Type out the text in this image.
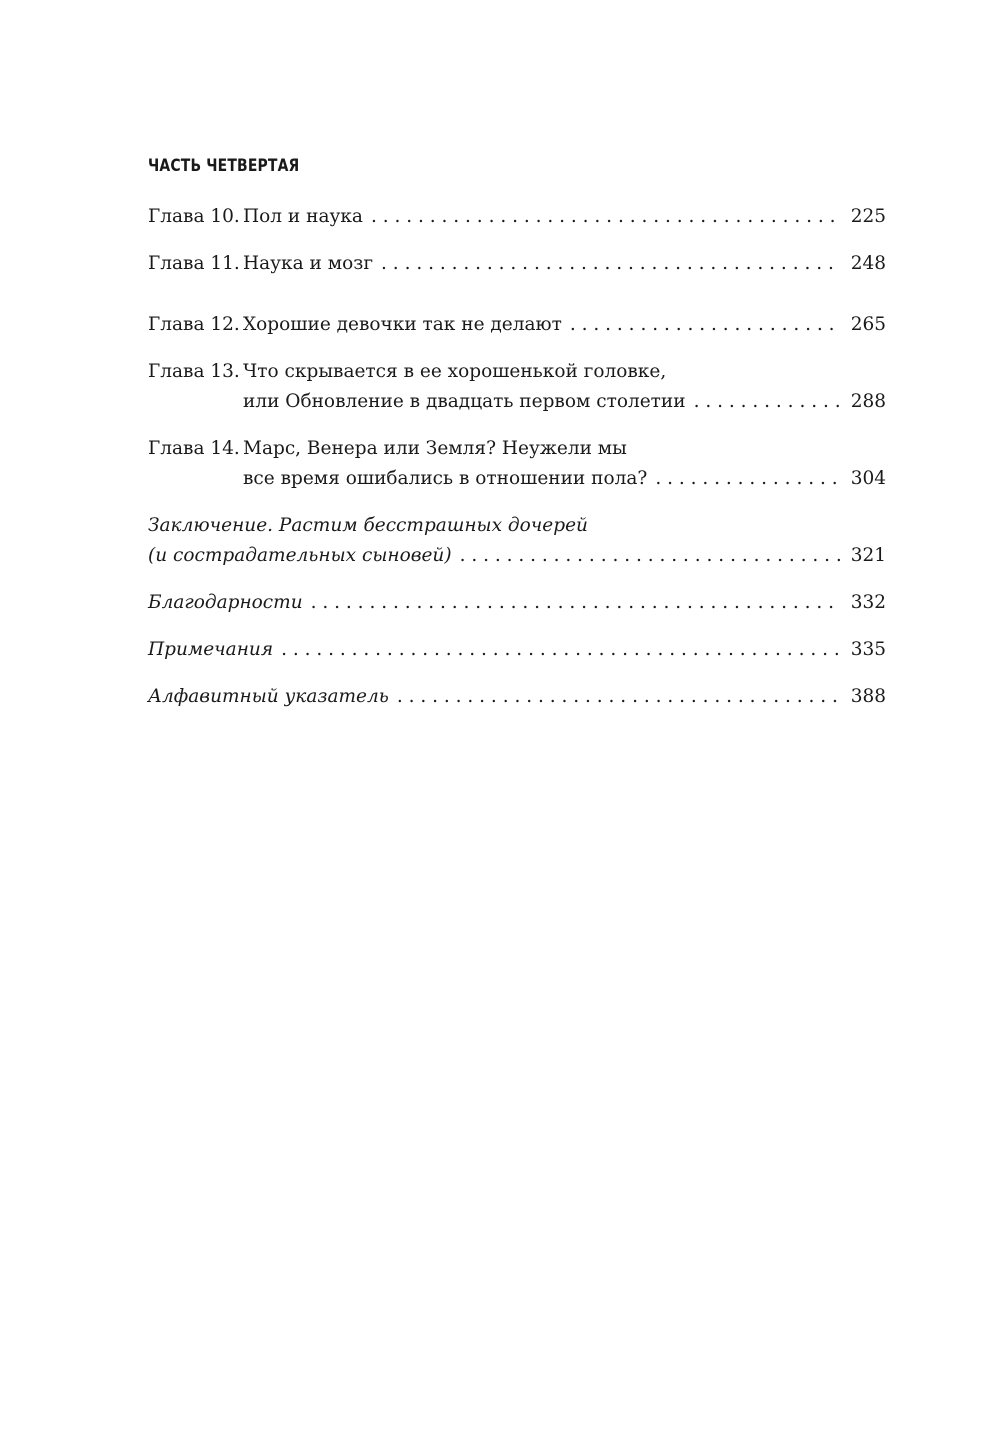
ЧАСТЬ ЧЕТВЕРТАЯ
Глава 10. Пол и наука . . .	225
Глава 11. Наука и мозг . . .	248
Глава 12. Хорошие девочки так не делают . . .	265
Глава 13. Что скрывается в ее хорошенькой головке,
или Обновление в двадцать первом столетии . . .	288
Глава 14. Марс, Венера или Земля? Неужели мы
все время ошибались в отношении пола? . . .	304
Заключение. Растим бесстрашных дочерей
(и сострадательных сыновей) . . .	321
Благодарности . . .	332
Примечания . . .	335
Алфавитный указатель . . .	388
